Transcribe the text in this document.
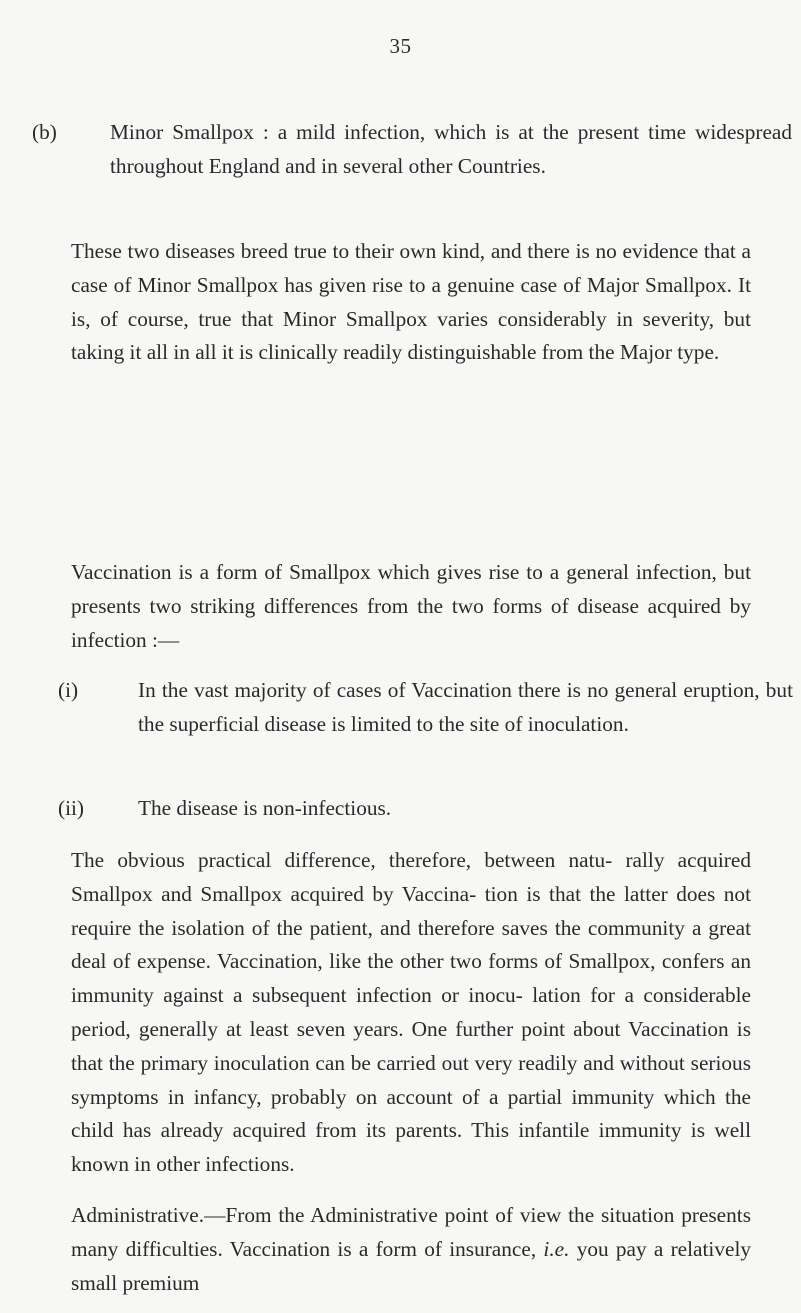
35

(b) Minor Smallpox : a mild infection, which is at the present time widespread throughout England and in several other Countries.

These two diseases breed true to their own kind, and there is no evidence that a case of Minor Smallpox has given rise to a genuine case of Major Smallpox. It is, of course, true that Minor Smallpox varies considerably in severity, but taking it all in all it is clinically readily distinguishable from the Major type.

Vaccination is a form of Smallpox which gives rise to a general infection, but presents two striking differences from the two forms of disease acquired by infection :—

(i)	In the vast majority of cases of Vaccination there is no general eruption, but the superficial disease is limited to the site of inoculation.

(ii)	The disease is non-infectious.

The obvious practical difference, therefore, between natu- rally acquired Smallpox and Smallpox acquired by Vaccina- tion is that the latter does not require the isolation of the patient, and therefore saves the community a great deal of expense. Vaccination, like the other two forms of Smallpox, confers an immunity against a subsequent infection or inocu- lation for a considerable period, generally at least seven years. One further point about Vaccination is that the primary inoculation can be carried out very readily and without serious symptoms in infancy, probably on account of a partial immunity which the child has already acquired from its parents. This infantile immunity is well known in other infections.

Administrative.—From the Administrative point of view the situation presents many difficulties. Vaccination is a form of insurance, i.e. you pay a relatively small premium
